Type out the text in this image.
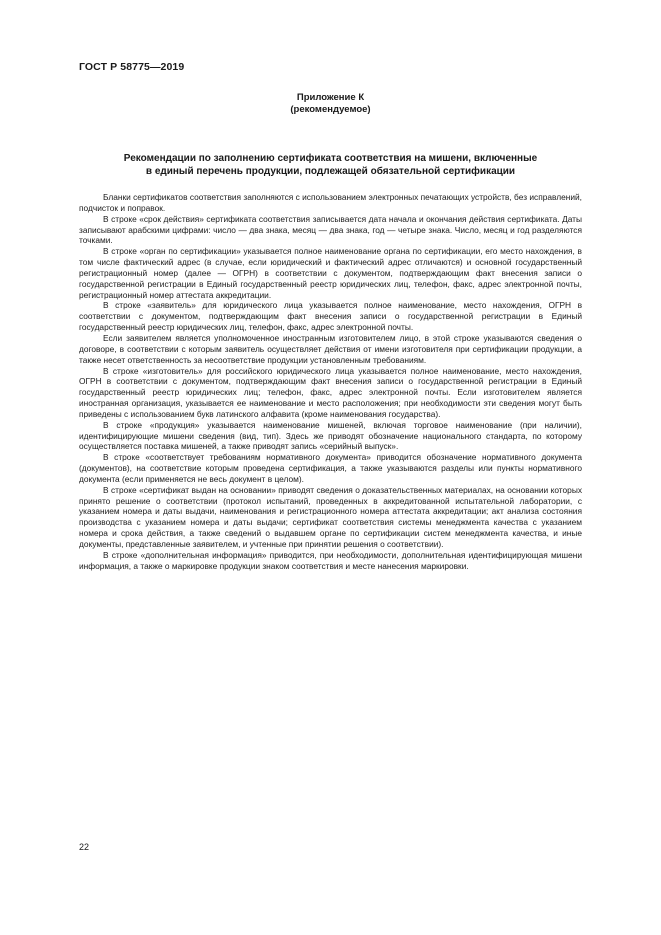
ГОСТ Р 58775—2019
Приложение К
(рекомендуемое)
Рекомендации по заполнению сертификата соответствия на мишени, включенные
в единый перечень продукции, подлежащей обязательной сертификации

Бланки сертификатов соответствия заполняются с использованием электронных печатающих устройств, без исправлений, подчисток и поправок.

В строке «срок действия» сертификата соответствия записывается дата начала и окончания действия сертификата. Даты записывают арабскими цифрами: число — два знака, месяц — два знака, год — четыре знака. Число, месяц и год разделяются точками.

В строке «орган по сертификации» указывается полное наименование органа по сертификации, его место нахождения, в том числе фактический адрес (в случае, если юридический и фактический адрес отличаются) и основной государственный регистрационный номер (далее — ОГРН) в соответствии с документом, подтверждающим факт внесения записи о государственной регистрации в Единый государственный реестр юридических лиц, телефон, факс, адрес электронной почты, регистрационный номер аттестата аккредитации.

В строке «заявитель» для юридического лица указывается полное наименование, место нахождения, ОГРН в соответствии с документом, подтверждающим факт внесения записи о государственной регистрации в Единый государственный реестр юридических лиц, телефон, факс, адрес электронной почты.

Если заявителем является уполномоченное иностранным изготовителем лицо, в этой строке указываются сведения о договоре, в соответствии с которым заявитель осуществляет действия от имени изготовителя при сертификации продукции, а также несет ответственность за несоответствие продукции установленным требованиям.

В строке «изготовитель» для российского юридического лица указывается полное наименование, место нахождения, ОГРН в соответствии с документом, подтверждающим факт внесения записи о государственной регистрации в Единый государственный реестр юридических лиц; телефон, факс, адрес электронной почты. Если изготовителем является иностранная организация, указывается ее наименование и место расположения; при необходимости эти сведения могут быть приведены с использованием букв латинского алфавита (кроме наименования государства).

В строке «продукция» указывается наименование мишеней, включая торговое наименование (при наличии), идентифицирующие мишени сведения (вид, тип). Здесь же приводят обозначение национального стандарта, по которому осуществляется поставка мишеней, а также приводят запись «серийный выпуск».

В строке «соответствует требованиям нормативного документа» приводится обозначение нормативного документа (документов), на соответствие которым проведена сертификация, а также указываются разделы или пункты нормативного документа (если применяется не весь документ в целом).

В строке «сертификат выдан на основании» приводят сведения о доказательственных материалах, на основании которых принято решение о соответствии (протокол испытаний, проведенных в аккредитованной испытательной лаборатории, с указанием номера и даты выдачи, наименования и регистрационного номера аттестата аккредитации; акт анализа состояния производства с указанием номера и даты выдачи; сертификат соответствия системы менеджмента качества с указанием номера и срока действия, а также сведений о выдавшем органе по сертификации систем менеджмента качества, и иные документы, представленные заявителем, и учтенные при принятии решения о соответствии).

В строке «дополнительная информация» приводится, при необходимости, дополнительная идентифицирующая мишени информация, а также о маркировке продукции знаком соответствия и месте нанесения маркировки.

22
